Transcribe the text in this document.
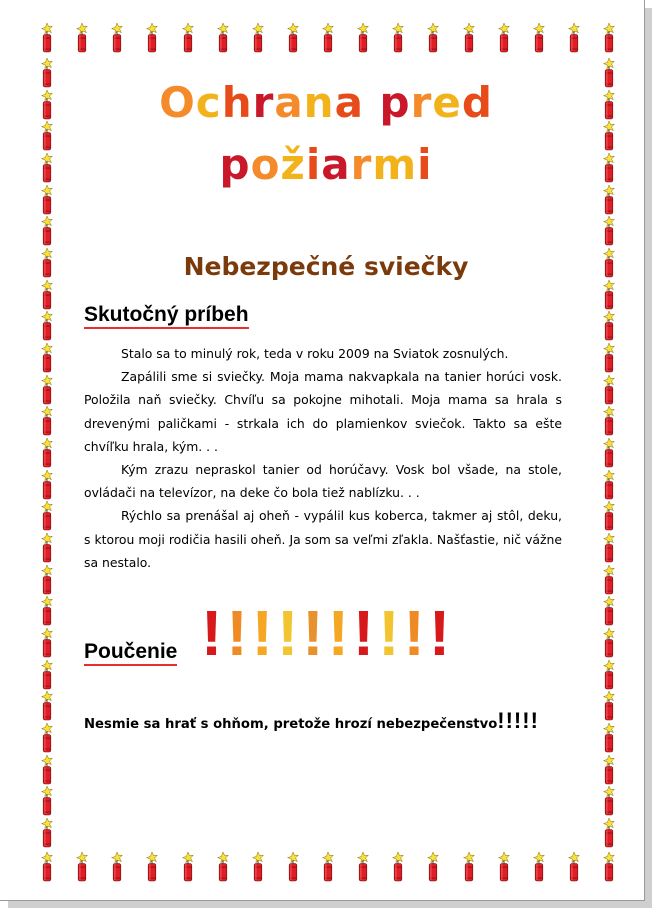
Ochrana pred
požiarmi
Nebezpečné sviečky
Skutočný príbeh

Stalo sa to minulý rok, teda v roku 2009 na Sviatok zosnulých.

Zapálili sme si sviečky. Moja mama nakvapkala na tanier horúci vosk. Položila naň sviečky. Chvíľu sa pokojne mihotali. Moja mama sa hrala s drevenými paličkami - strkala ich do plamienkov sviečok. Takto sa ešte chvíľku hrala, kým. . .

Kým zrazu nepraskol tanier od horúčavy. Vosk bol všade, na stole, ovládači na televízor, na deke čo bola tiež nablízku. . .

Rýchlo sa prenášal aj oheň - vypálil kus koberca, takmer aj stôl, deku, s ktorou moji rodičia hasili oheň. Ja som sa veľmi zľakla. Našťastie, nič vážne sa nestalo.

Poučenie !!!!!!!!!!

Nesmie sa hrať s ohňom, pretože hrozí nebezpečenstvo!!!!!
